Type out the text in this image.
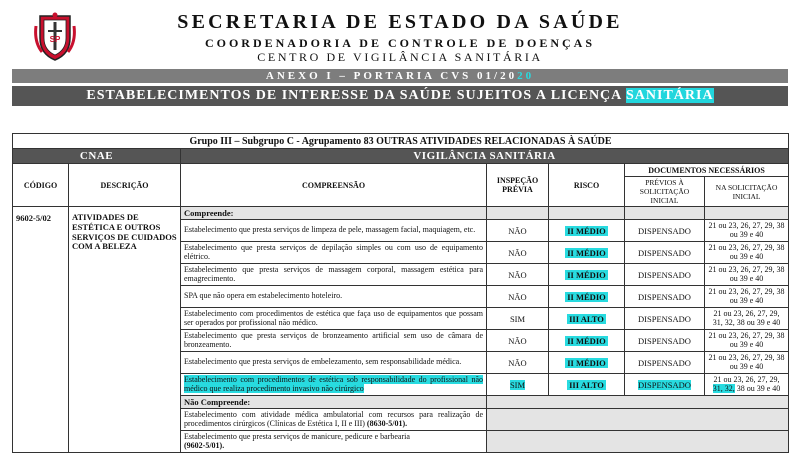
SP
SECRETARIA DE ESTADO DA SAÚDE
COORDENADORIA DE CONTROLE DE DOENÇAS
CENTRO DE VIGILÂNCIA SANITÁRIA
ANEXO I – PORTARIA CVS 01/2020
ESTABELECIMENTOS DE INTERESSE DA SAÚDE SUJEITOS A LICENÇA SANITÁRIA
Grupo III – Subgrupo C - Agrupamento 83 OUTRAS ATIVIDADES RELACIONADAS À SAÚDE						
CNAE		VIGILÂNCIA SANITÁRIA				
CÓDIGO	DESCRIÇÃO	COMPREENSÃO	INSPEÇÃO PRÉVIA	RISCO	DOCUMENTOS NECESSÁRIOS	

					PRÉVIOS À SOLICITAÇÃO INICIAL	NA SOLICITAÇÃO INICIAL

9602-5/02	ATIVIDADES DE ESTÉTICA E OUTROS SERVIÇOS DE CUIDADOS COM A BELEZA	Compreende:				
		Estabelecimento que presta serviços de limpeza de pele, massagem facial, maquiagem, etc.	NÃO	II MÉDIO	DISPENSADO	21 ou 23, 26, 27, 29, 38 ou 39 e 40
		Estabelecimento que presta serviços de depilação simples ou com uso de equipamento elétrico.	NÃO	II MÉDIO	DISPENSADO	21 ou 23, 26, 27, 29, 38 ou 39 e 40
		Estabelecimento que presta serviços de massagem corporal, massagem estética para emagrecimento.	NÃO	II MÉDIO	DISPENSADO	21 ou 23, 26, 27, 29, 38 ou 39 e 40
		SPA que não opera em estabelecimento hoteleiro.	NÃO	II MÉDIO	DISPENSADO	21 ou 23, 26, 27, 29, 38 ou 39 e 40
		Estabelecimento com procedimentos de estética que faça uso de equipamentos que possam ser operados por profissional não médico.	SIM	III ALTO	DISPENSADO	21 ou 23, 26, 27, 29, 31, 32, 38 ou 39 e 40
		Estabelecimento que presta serviços de bronzeamento artificial sem uso de câmara de bronzeamento.	NÃO	II MÉDIO	DISPENSADO	21 ou 23, 26, 27, 29, 38 ou 39 e 40
		Estabelecimento que presta serviços de embelezamento, sem responsabilidade médica.	NÃO	II MÉDIO	DISPENSADO	21 ou 23, 26, 27, 29, 38 ou 39 e 40
		Estabelecimento com procedimentos de estética sob responsabilidade do profissional não médico que realiza procedimento invasivo não cirúrgico	SIM	III ALTO	DISPENSADO	21 ou 23, 26, 27, 29,
31, 32, 38 ou 39 e 40
		Não Compreende:				
		Estabelecimento com atividade médica ambulatorial com recursos para realização de procedimentos cirúrgicos (Clínicas de Estética I, II e III) (8630-5/01).				
		Estabelecimento que presta serviços de manicure, pedicure e barbearia
(9602-5/01).				
